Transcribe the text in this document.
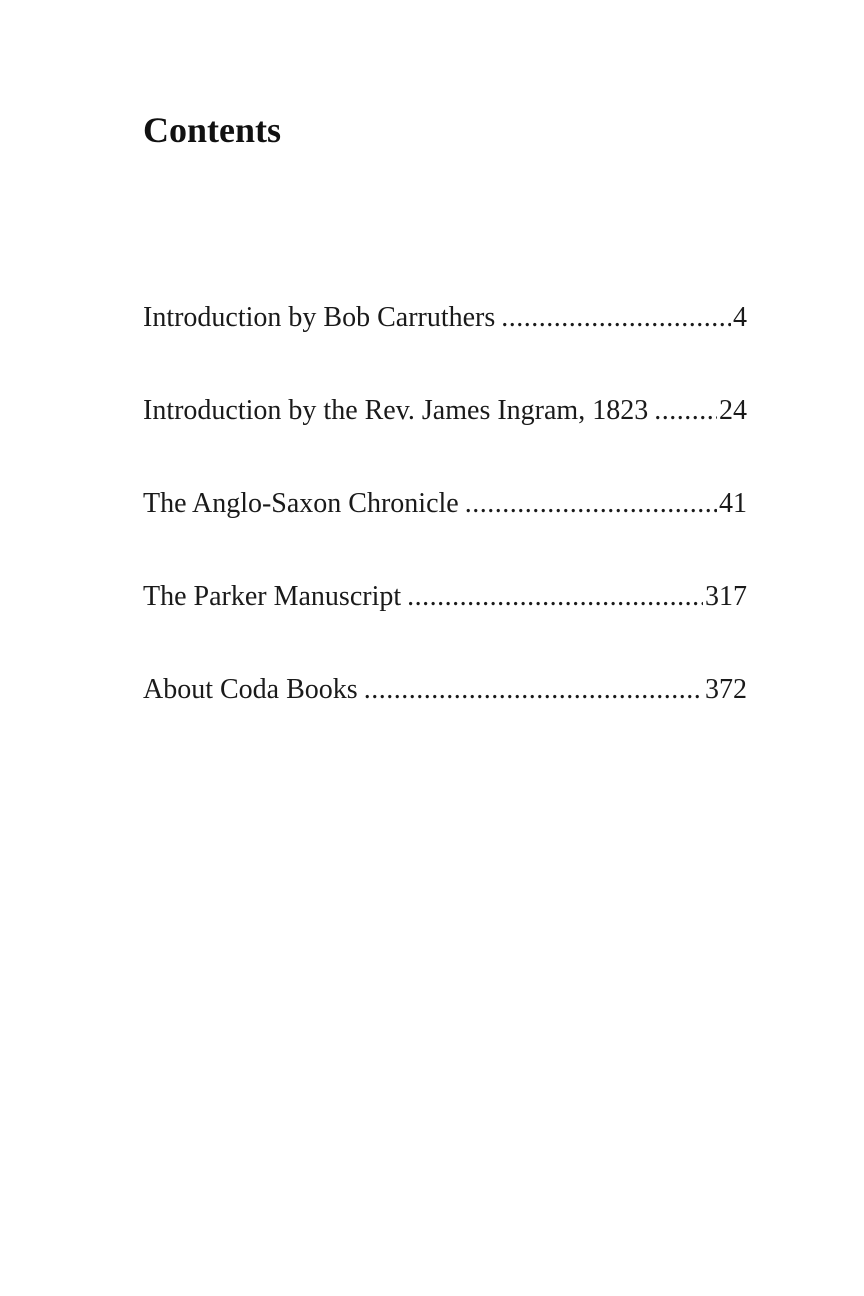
Contents
Introduction by Bob Carruthers .....	4
Introduction by the Rev. James Ingram, 1823 .....	24
The Anglo-Saxon Chronicle .....	41
The Parker Manuscript .....	317
About Coda Books .....	372
